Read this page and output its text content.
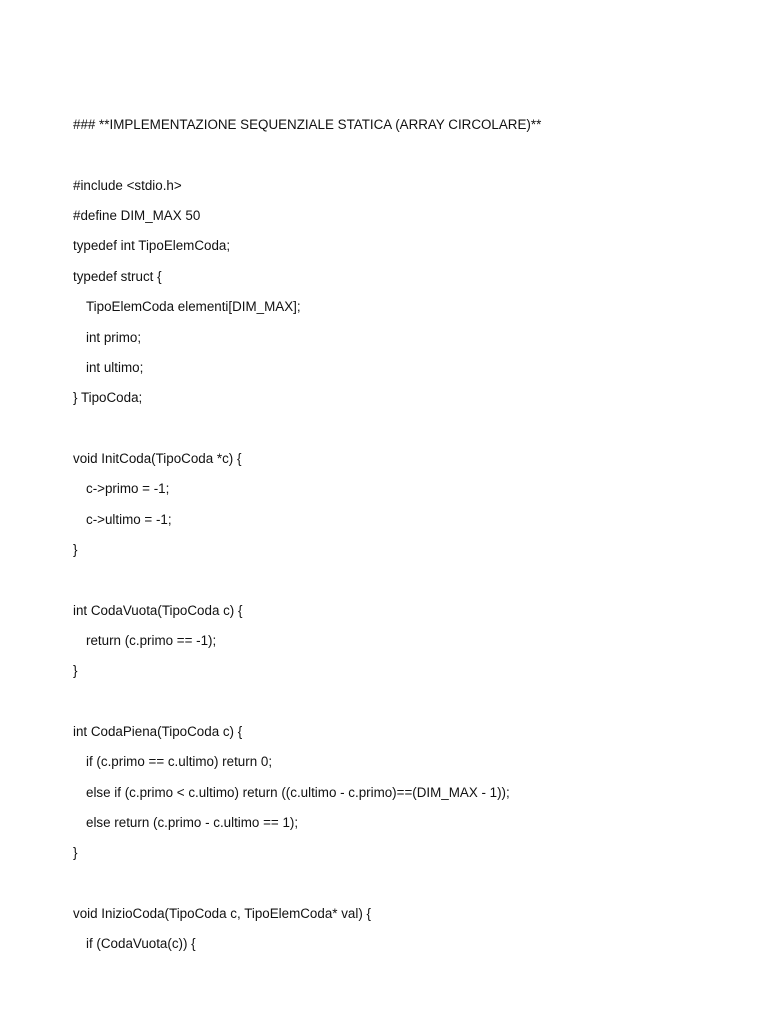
### **IMPLEMENTAZIONE SEQUENZIALE STATICA (ARRAY CIRCOLARE)**
#include <stdio.h>
#define DIM_MAX 50
typedef int TipoElemCoda;
typedef struct {
TipoElemCoda elementi[DIM_MAX];
int primo;
int ultimo;
} TipoCoda;
void InitCoda(TipoCoda *c) {
c->primo = -1;
c->ultimo = -1;
}
int CodaVuota(TipoCoda c) {
return (c.primo == -1);
}
int CodaPiena(TipoCoda c) {
if (c.primo == c.ultimo) return 0;
else if (c.primo < c.ultimo) return ((c.ultimo - c.primo)==(DIM_MAX - 1));
else return (c.primo - c.ultimo == 1);
}
void InizioCoda(TipoCoda c, TipoElemCoda* val) {
if (CodaVuota(c)) {
